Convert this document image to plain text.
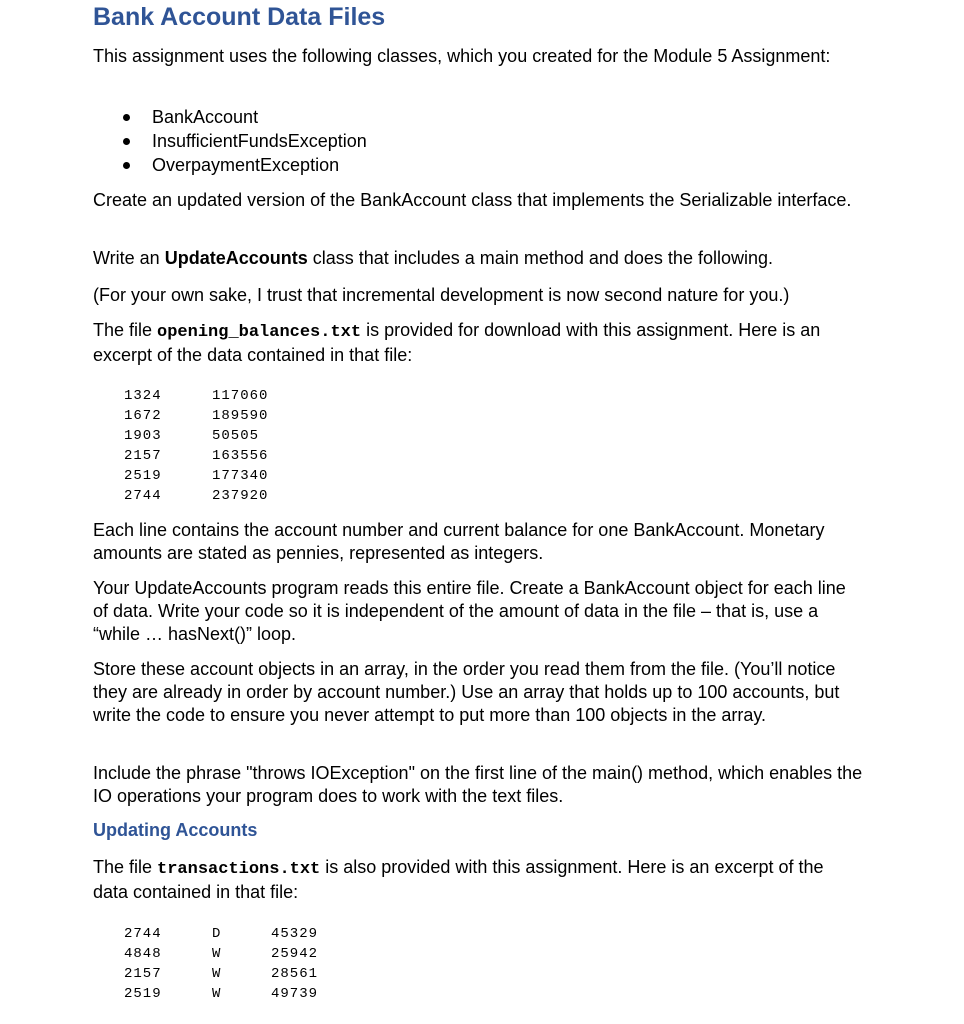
Bank Account Data Files
This assignment uses the following classes, which you created for the Module 5 Assignment:
BankAccount
InsufficientFundsException
OverpaymentException
Create an updated version of the BankAccount class that implements the Serializable interface.
Write an UpdateAccounts class that includes a main method and does the following.
(For your own sake, I trust that incremental development is now second nature for you.)
The file opening_balances.txt is provided for download with this assignment. Here is an excerpt of the data contained in that file:
1324	117060
1672	189590
1903	50505
2157	163556
2519	177340
2744	237920
Each line contains the account number and current balance for one BankAccount. Monetary amounts are stated as pennies, represented as integers.
Your UpdateAccounts program reads this entire file. Create a BankAccount object for each line of data. Write your code so it is independent of the amount of data in the file – that is, use a “while … hasNext()” loop.
Store these account objects in an array, in the order you read them from the file. (You’ll notice they are already in order by account number.) Use an array that holds up to 100 accounts, but write the code to ensure you never attempt to put more than 100 objects in the array.
Include the phrase "throws IOException" on the first line of the main() method, which enables the IO operations your program does to work with the text files.
Updating Accounts
The file transactions.txt is also provided with this assignment. Here is an excerpt of the data contained in that file:
2744	D	45329
4848	W	25942
2157	W	28561
2519	W	49739
